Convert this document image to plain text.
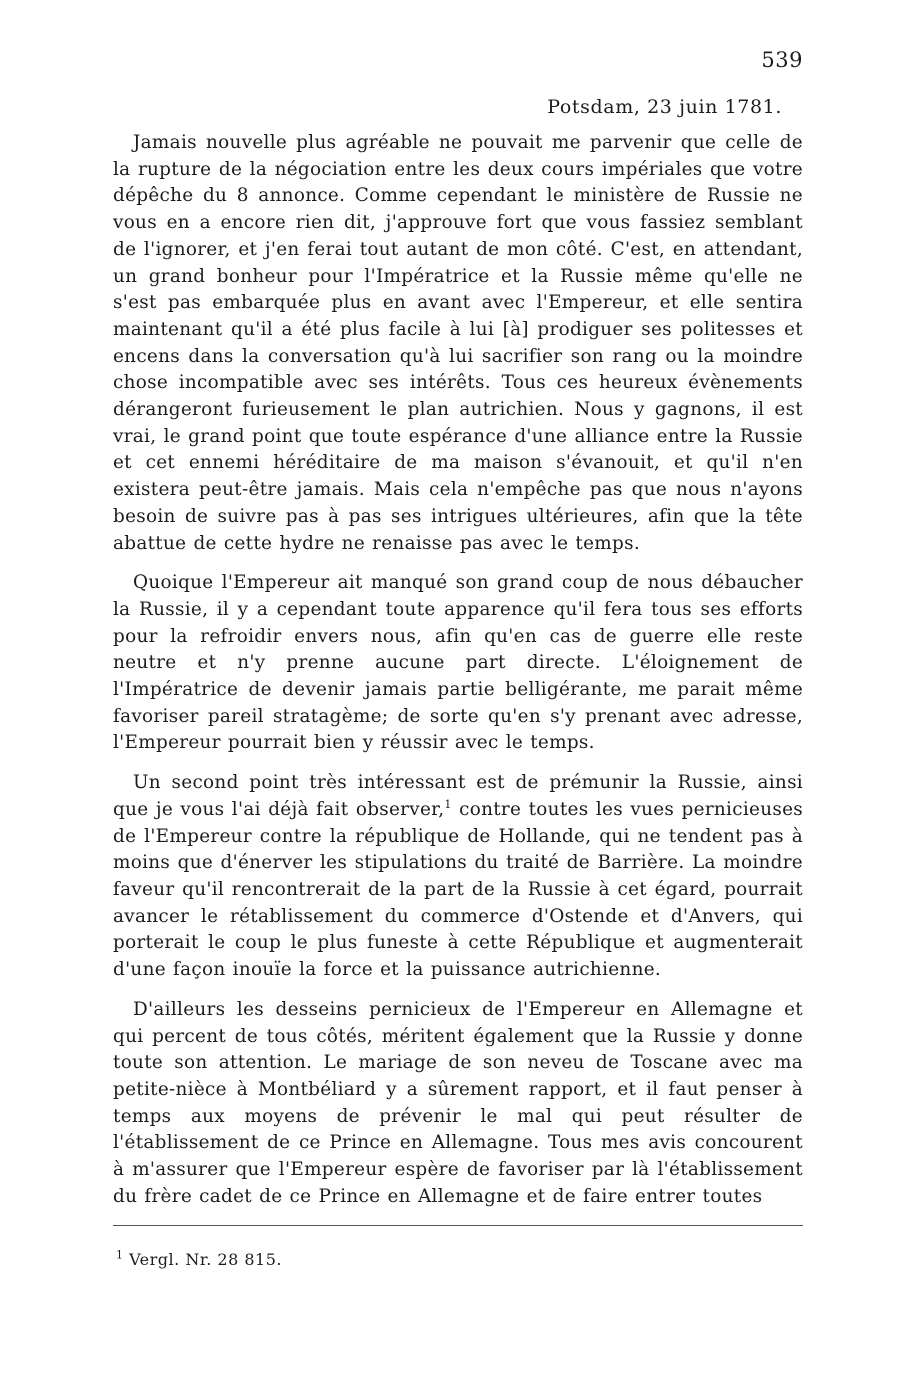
539
Potsdam, 23 juin 1781.

Jamais nouvelle plus agréable ne pouvait me parvenir que celle de la rupture de la négociation entre les deux cours impériales que votre dépêche du 8 annonce. Comme cependant le ministère de Russie ne vous en a encore rien dit, j'approuve fort que vous fassiez semblant de l'ignorer, et j'en ferai tout autant de mon côté. C'est, en attendant, un grand bonheur pour l'Impératrice et la Russie même qu'elle ne s'est pas embarquée plus en avant avec l'Empereur, et elle sentira maintenant qu'il a été plus facile à lui [à] prodiguer ses politesses et encens dans la conversation qu'à lui sacrifier son rang ou la moindre chose incompatible avec ses intérêts. Tous ces heureux évènements dérangeront furieusement le plan autrichien. Nous y gagnons, il est vrai, le grand point que toute espérance d'une alliance entre la Russie et cet ennemi héréditaire de ma maison s'évanouit, et qu'il n'en existera peut-être jamais. Mais cela n'empêche pas que nous n'ayons besoin de suivre pas à pas ses intrigues ultérieures, afin que la tête abattue de cette hydre ne renaisse pas avec le temps.

Quoique l'Empereur ait manqué son grand coup de nous débaucher la Russie, il y a cependant toute apparence qu'il fera tous ses efforts pour la refroidir envers nous, afin qu'en cas de guerre elle reste neutre et n'y prenne aucune part directe. L'éloignement de l'Impératrice de devenir jamais partie belligérante, me parait même favoriser pareil stratagème; de sorte qu'en s'y prenant avec adresse, l'Empereur pourrait bien y réussir avec le temps.

Un second point très intéressant est de prémunir la Russie, ainsi que je vous l'ai déjà fait observer,$^1$ contre toutes les vues pernicieuses de l'Empereur contre la république de Hollande, qui ne tendent pas à moins que d'énerver les stipulations du traité de Barrière. La moindre faveur qu'il rencontrerait de la part de la Russie à cet égard, pourrait avancer le rétablissement du commerce d'Ostende et d'Anvers, qui porterait le coup le plus funeste à cette République et augmenterait d'une façon inouïe la force et la puissance autrichienne.

D'ailleurs les desseins pernicieux de l'Empereur en Allemagne et qui percent de tous côtés, méritent également que la Russie y donne toute son attention. Le mariage de son neveu de Toscane avec ma petite-nièce à Montbéliard y a sûrement rapport, et il faut penser à temps aux moyens de prévenir le mal qui peut résulter de l'établissement de ce Prince en Allemagne. Tous mes avis concourent à m'assurer que l'Empereur espère de favoriser par là l'établissement du frère cadet de ce Prince en Allemagne et de faire entrer toutes

$^1$ Vergl. Nr. 28 815.
